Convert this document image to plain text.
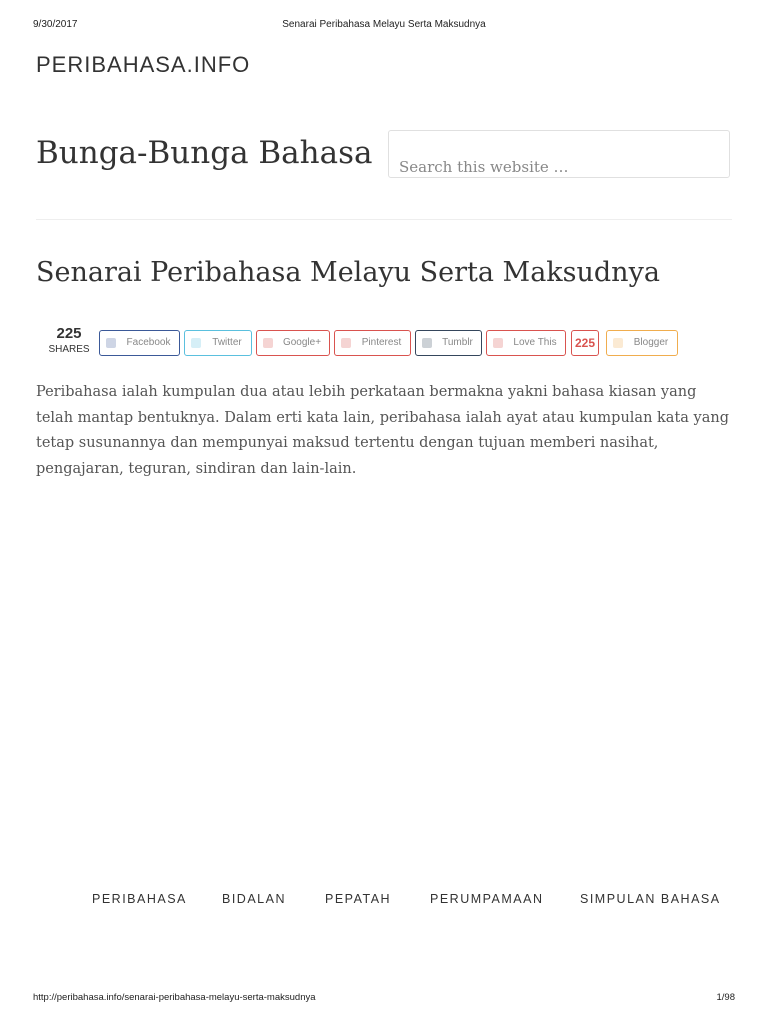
9/30/2017	Senarai Peribahasa Melayu Serta Maksudnya
PERIBAHASA.INFO
Bunga-Bunga Bahasa	Search this website …
Senarai Peribahasa Melayu Serta Maksudnya
225
SHARES
Facebook	Twitter	Google+	Pinterest	Tumblr	Love This	225	Blogger

Peribahasa ialah kumpulan dua atau lebih perkataan bermakna yakni bahasa kiasan yang telah mantap bentuknya. Dalam erti kata lain, peribahasa ialah ayat atau kumpulan kata yang tetap susunannya dan mempunyai maksud tertentu dengan tujuan memberi nasihat, pengajaran, teguran, sindiran dan lain-lain.

PERIBAHASA	BIDALAN	PEPATAH	PERUMPAMAAN	SIMPULAN BAHASA
http://peribahasa.info/senarai-peribahasa-melayu-serta-maksudnya	1/98
